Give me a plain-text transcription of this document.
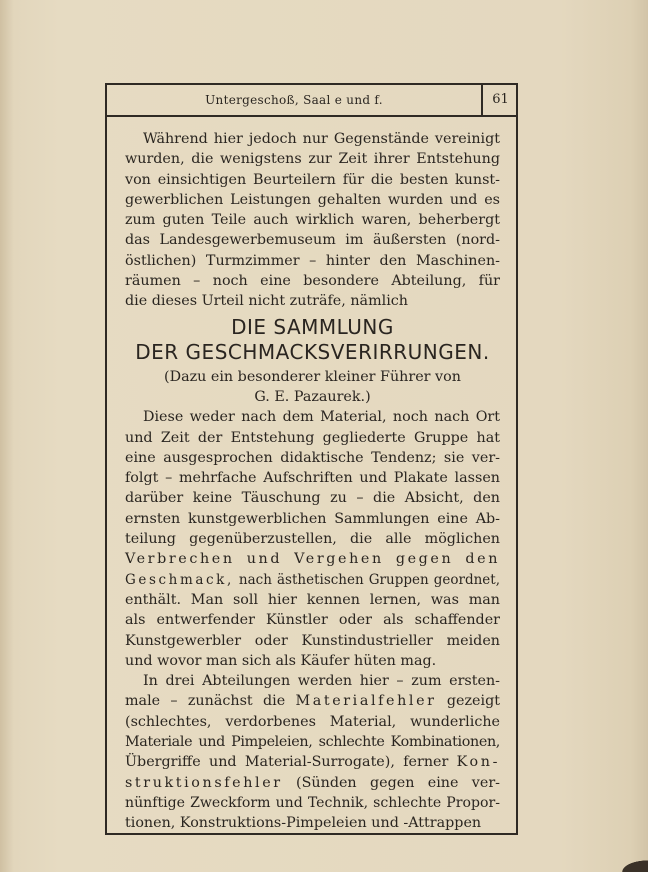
Untergeschoß, Saal e und f.	61
Während hier jedoch nur Gegenstände vereinigt
wurden, die wenigstens zur Zeit ihrer Entstehung
von einsichtigen Beurteilern für die besten kunst-
gewerblichen Leistungen gehalten wurden und es
zum guten Teile auch wirklich waren, beherbergt
das Landesgewerbemuseum im äußersten (nord-
östlichen) Turmzimmer – hinter den Maschinen-
räumen – noch eine besondere Abteilung, für
die dieses Urteil nicht zuträfe, nämlich
DIE SAMMLUNG
DER GESCHMACKSVERIRRUNGEN.
(Dazu ein besonderer kleiner Führer von
G. E. Pazaurek.)
Diese weder nach dem Material, noch nach Ort
und Zeit der Entstehung gegliederte Gruppe hat
eine ausgesprochen didaktische Tendenz; sie ver-
folgt – mehrfache Aufschriften und Plakate lassen
darüber keine Täuschung zu – die Absicht, den
ernsten kunstgewerblichen Sammlungen eine Ab-
teilung gegenüberzustellen, die alle möglichen
Verbrechen und Vergehen gegen den
Geschmack, nach ästhetischen Gruppen geordnet,
enthält. Man soll hier kennen lernen, was man
als entwerfender Künstler oder als schaffender
Kunstgewerbler oder Kunstindustrieller meiden
und wovor man sich als Käufer hüten mag.
In drei Abteilungen werden hier – zum ersten-
male – zunächst die Materialfehler gezeigt
(schlechtes, verdorbenes Material, wunderliche
Materiale und Pimpeleien, schlechte Kombinationen,
Übergriffe und Material-Surrogate), ferner Kon-
struktionsfehler (Sünden gegen eine ver-
nünftige Zweckform und Technik, schlechte Propor-
tionen, Konstruktions-Pimpeleien und -Attrappen
